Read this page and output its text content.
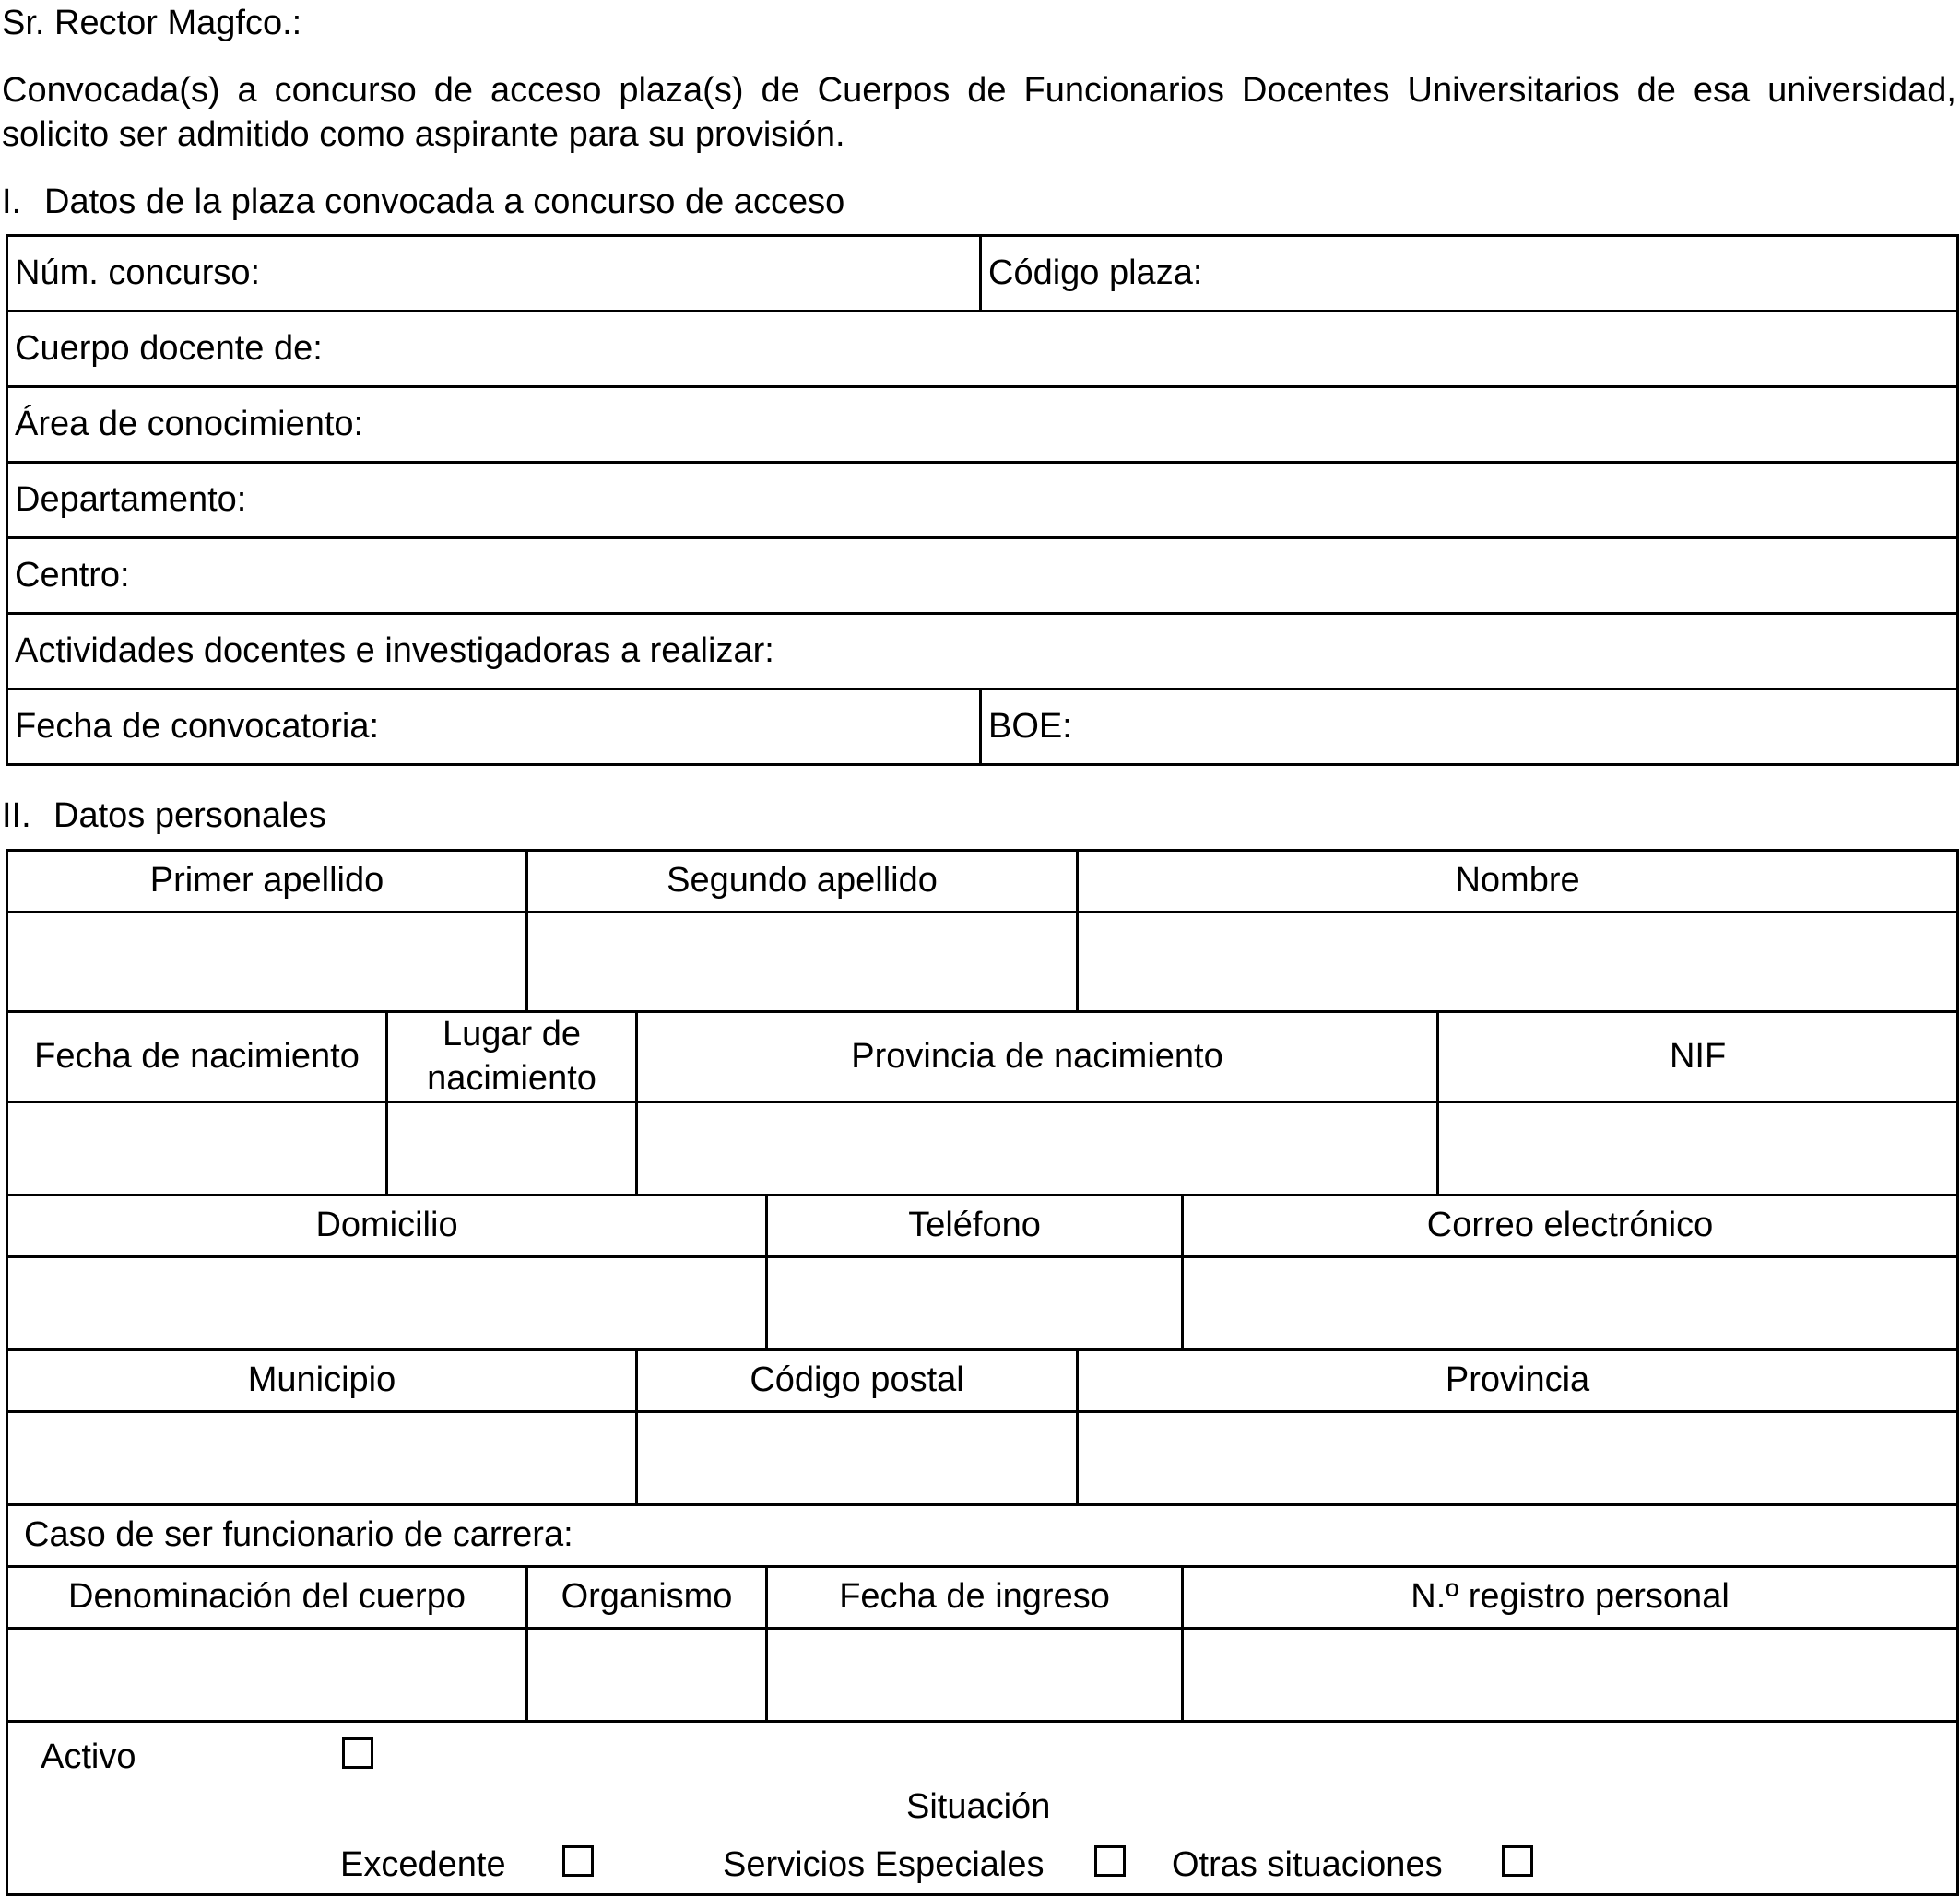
Sr. Rector Magfco.:
Convocada(s) a concurso de acceso plaza(s) de Cuerpos de Funcionarios Docentes Universitarios de esa universidad, solicito ser admitido como aspirante para su provisión.
I. Datos de la plaza convocada a concurso de acceso
Núm. concurso:	Código plaza:
Cuerpo docente de:	
Área de conocimiento:	
Departamento:	
Centro:	
Actividades docentes e investigadoras a realizar:	
Fecha de convocatoria:	BOE:
II. Datos personales
Primer apellido		Segundo apellido			Nombre		

Fecha de nacimiento	Lugar de nacimiento		Provincia de nacimiento				NIF

Domicilio				Teléfono		Correo electrónico	

Municipio			Código postal		Provincia		

Caso de ser funcionario de carrera:							
Denominación del cuerpo		Organismo		Fecha de ingreso		N.º registro personal	

Activo
Situación
Excedente Servicios Especiales Otras situaciones							
